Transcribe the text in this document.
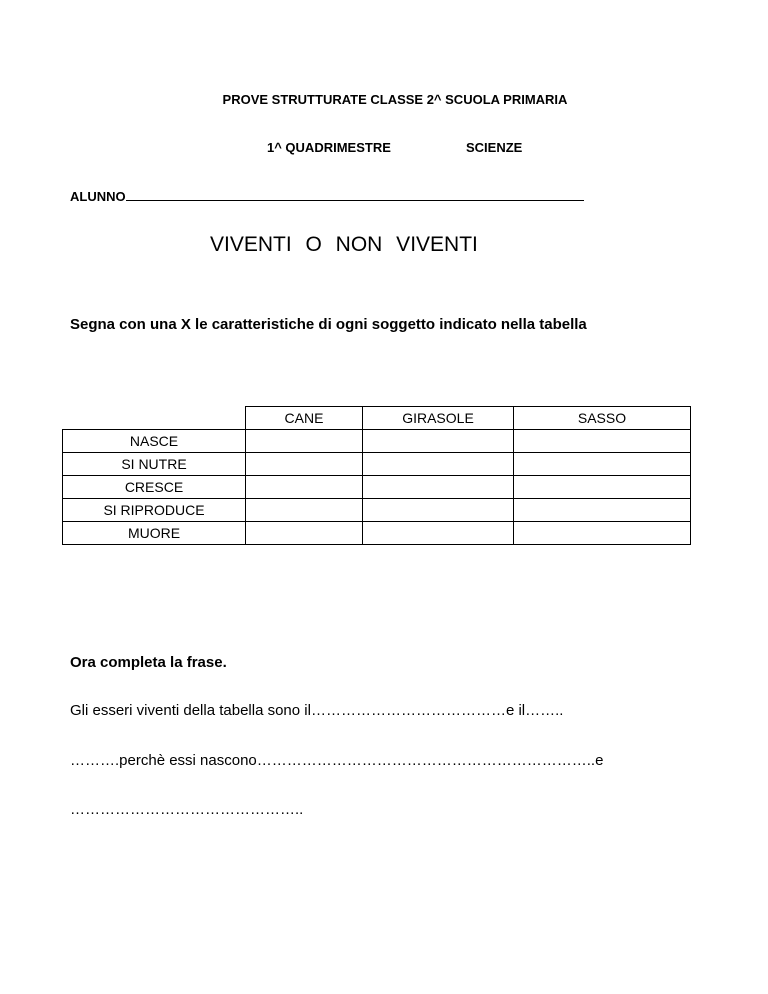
PROVE STRUTTURATE CLASSE 2^ SCUOLA PRIMARIA
1^ QUADRIMESTRE	SCIENZE
ALUNNO
VIVENTI O NON VIVENTI
Segna con una X le caratteristiche di ogni soggetto indicato nella tabella
	CANE	GIRASOLE	SASSO
NASCE			
SI NUTRE			
CRESCE			
SI RIPRODUCE			
MUORE			
Ora completa la frase.
Gli esseri viventi della tabella sono il…………………………………e il……..
……….perchè essi nascono…………………………………………………………..e
………………………………………..
